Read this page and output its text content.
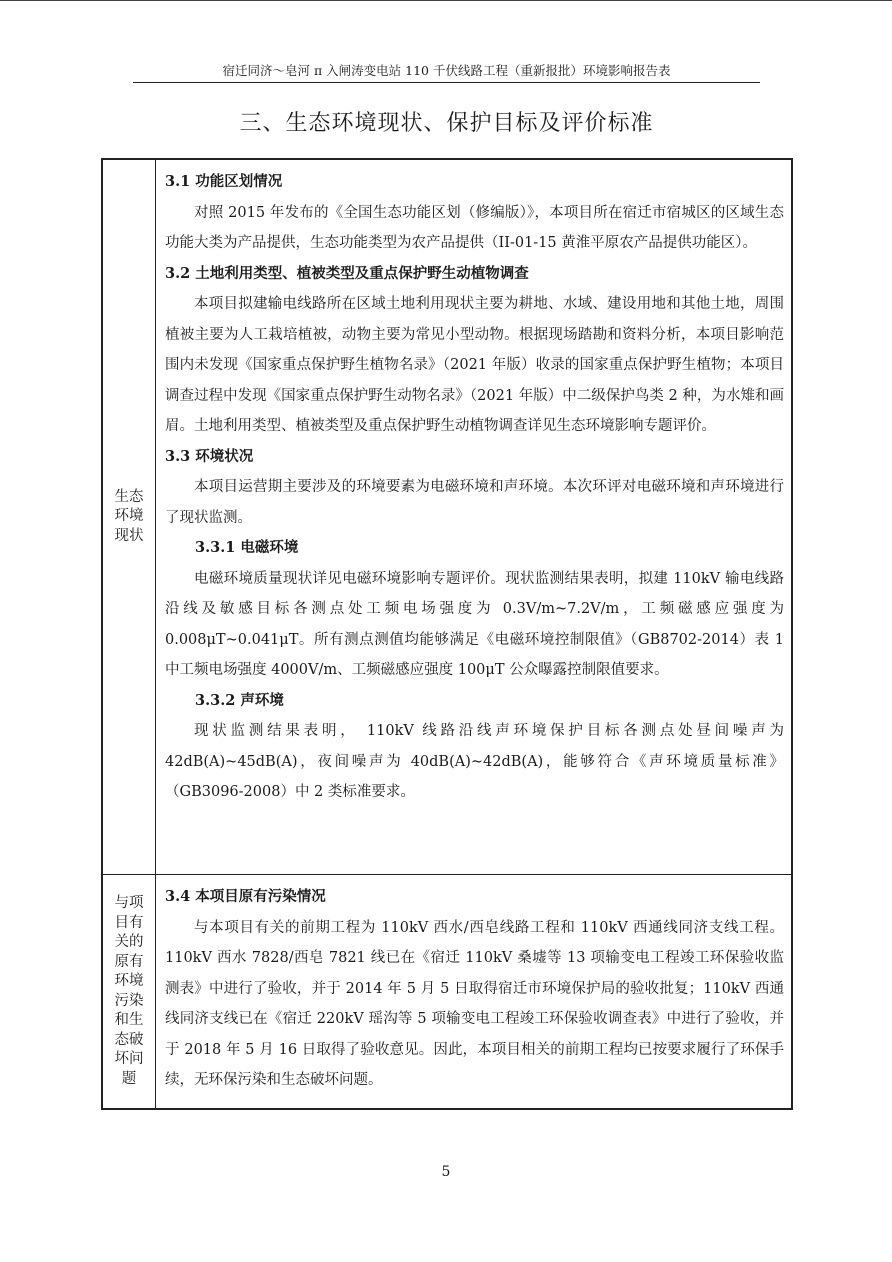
宿迁同济～皂河 π 入闸涛变电站 110 千伏线路工程（重新报批）环境影响报告表
三、生态环境现状、保护目标及评价标准
生态环境现状
3.1 功能区划情况
对照 2015 年发布的《全国生态功能区划（修编版）》，本项目所在宿迁市宿城区的区域生态功能大类为产品提供，生态功能类型为农产品提供（II-01-15 黄淮平原农产品提供功能区）。
3.2 土地利用类型、植被类型及重点保护野生动植物调查
本项目拟建输电线路所在区域土地利用现状主要为耕地、水域、建设用地和其他土地，周围植被主要为人工栽培植被，动物主要为常见小型动物。根据现场踏勘和资料分析，本项目影响范围内未发现《国家重点保护野生植物名录》（2021 年版）收录的国家重点保护野生植物；本项目调查过程中发现《国家重点保护野生动物名录》（2021 年版）中二级保护鸟类 2 种，为水雉和画眉。土地利用类型、植被类型及重点保护野生动植物调查详见生态环境影响专题评价。
3.3 环境状况
本项目运营期主要涉及的环境要素为电磁环境和声环境。本次环评对电磁环境和声环境进行了现状监测。
3.3.1 电磁环境
电磁环境质量现状详见电磁环境影响专题评价。现状监测结果表明，拟建 110kV 输电线路沿线及敏感目标各测点处工频电场强度为 0.3V/m~7.2V/m，工频磁感应强度为 0.008μT~0.041μT。所有测点测值均能够满足《电磁环境控制限值》（GB8702-2014）表 1 中工频电场强度 4000V/m、工频磁感应强度 100μT 公众曝露控制限值要求。
3.3.2 声环境
现状监测结果表明， 110kV 线路沿线声环境保护目标各测点处昼间噪声为 42dB(A)~45dB(A)，夜间噪声为 40dB(A)~42dB(A)，能够符合《声环境质量标准》（GB3096-2008）中 2 类标准要求。
与项目有关的原有环境污染和生态破坏问题
3.4 本项目原有污染情况
与本项目有关的前期工程为 110kV 西水/西皂线路工程和 110kV 西通线同济支线工程。110kV 西水 7828/西皂 7821 线已在《宿迁 110kV 桑墟等 13 项输变电工程竣工环保验收监测表》中进行了验收，并于 2014 年 5 月 5 日取得宿迁市环境保护局的验收批复；110kV 西通线同济支线已在《宿迁 220kV 瑶沟等 5 项输变电工程竣工环保验收调查表》中进行了验收，并于 2018 年 5 月 16 日取得了验收意见。因此，本项目相关的前期工程均已按要求履行了环保手续，无环保污染和生态破坏问题。
5
